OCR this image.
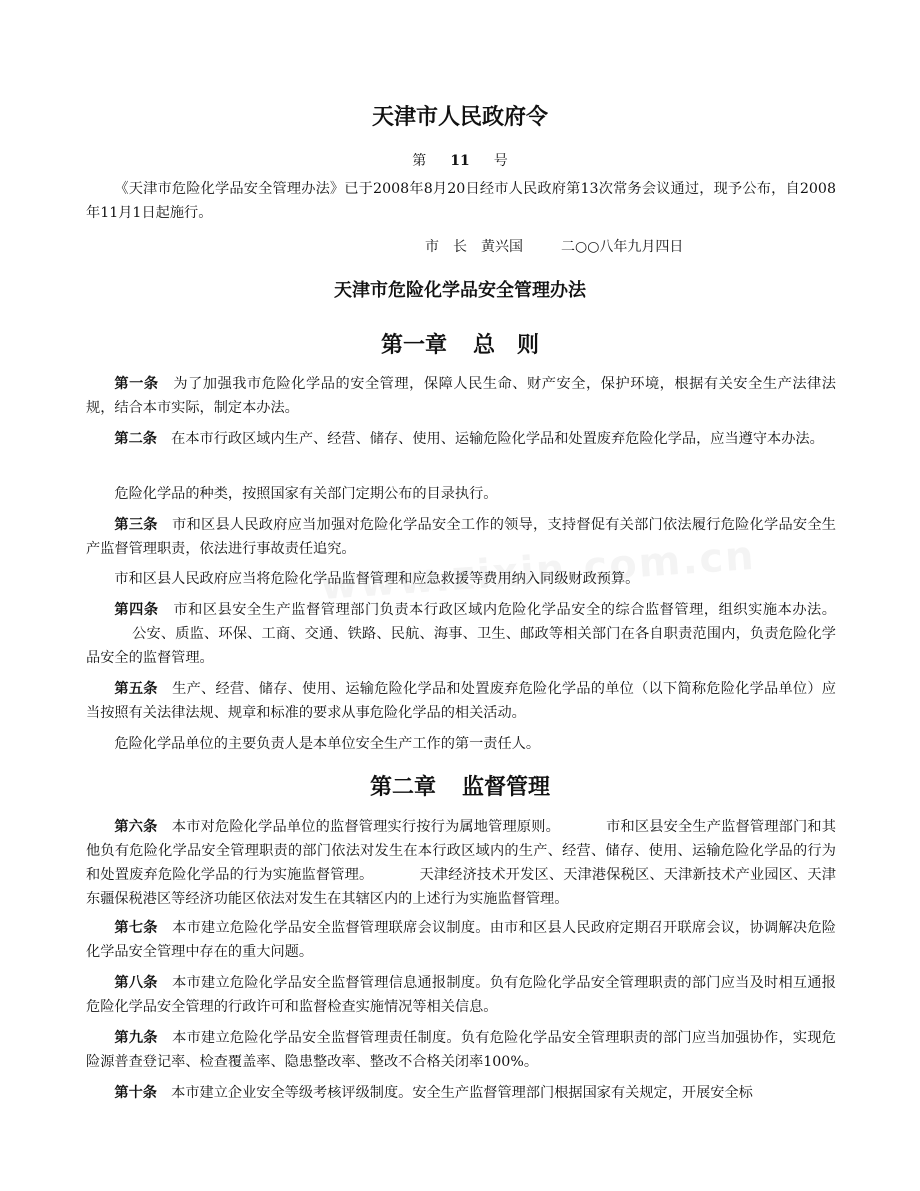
天津市人民政府令
第 11 号

《天津市危险化学品安全管理办法》已于2008年8月20日经市人民政府第13次常务会议通过，现予公布，自2008年11月1日起施行。

市　长 黄兴国	二○○八年九月四日
天津市危险化学品安全管理办法
第一章 总　则

第一条　 为了加强我市危险化学品的安全管理，保障人民生命、财产安全，保护环境，根据有关安全生产法律法规，结合本市实际，制定本办法。

第二条　 在本市行政区域内生产、经营、储存、使用、运输危险化学品和处置废弃危险化学品，应当遵守本办法。

危险化学品的种类，按照国家有关部门定期公布的目录执行。

第三条　 市和区县人民政府应当加强对危险化学品安全工作的领导，支持督促有关部门依法履行危险化学品安全生产监督管理职责，依法进行事故责任追究。

市和区县人民政府应当将危险化学品监督管理和应急救援等费用纳入同级财政预算。

第四条　 市和区县安全生产监督管理部门负责本行政区域内危险化学品安全的综合监督管理，组织实施本办法。公安、质监、环保、工商、交通、铁路、民航、海事、卫生、邮政等相关部门在各自职责范围内，负责危险化学品安全的监督管理。

第五条　 生产、经营、储存、使用、运输危险化学品和处置废弃危险化学品的单位（以下简称危险化学品单位）应当按照有关法律法规、规章和标准的要求从事危险化学品的相关活动。

危险化学品单位的主要负责人是本单位安全生产工作的第一责任人。

第二章 监督管理

第六条　 本市对危险化学品单位的监督管理实行按行为属地管理原则。	市和区县安全生产监督管理部门和其他负有危险化学品安全管理职责的部门依法对发生在本行政区域内的生产、经营、储存、使用、运输危险化学品的行为和处置废弃危险化学品的行为实施监督管理。	天津经济技术开发区、天津港保税区、天津新技术产业园区、天津东疆保税港区等经济功能区依法对发生在其辖区内的上述行为实施监督管理。

第七条　 本市建立危险化学品安全监督管理联席会议制度。由市和区县人民政府定期召开联席会议，协调解决危险化学品安全管理中存在的重大问题。

第八条　 本市建立危险化学品安全监督管理信息通报制度。负有危险化学品安全管理职责的部门应当及时相互通报危险化学品安全管理的行政许可和监督检查实施情况等相关信息。

第九条　 本市建立危险化学品安全监督管理责任制度。负有危险化学品安全管理职责的部门应当加强协作，实现危险源普查登记率、检查覆盖率、隐患整改率、整改不合格关闭率100%。

第十条　 本市建立企业安全等级考核评级制度。安全生产监督管理部门根据国家有关规定，开展安全标
